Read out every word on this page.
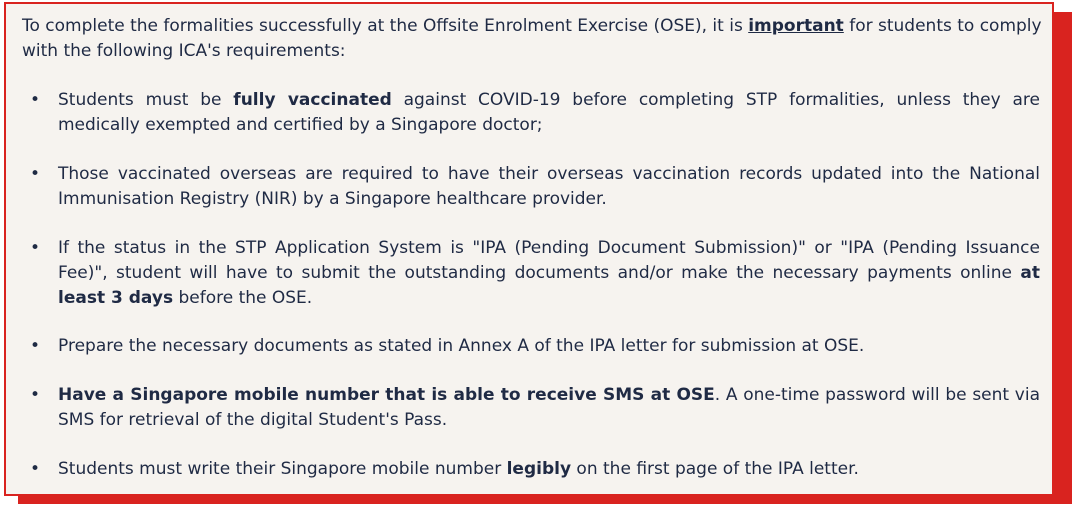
To complete the formalities successfully at the Offsite Enrolment Exercise (OSE), it is important for students to comply with the following ICA's requirements:

•	Students must be fully vaccinated against COVID-19 before completing STP formalities, unless they are medically exempted and certified by a Singapore doctor;
•	Those vaccinated overseas are required to have their overseas vaccination records updated into the National Immunisation Registry (NIR) by a Singapore healthcare provider.
•	If the status in the STP Application System is "IPA (Pending Document Submission)" or "IPA (Pending Issuance Fee)", student will have to submit the outstanding documents and/or make the necessary payments online at least 3 days before the OSE.
•	Prepare the necessary documents as stated in Annex A of the IPA letter for submission at OSE.
•	Have a Singapore mobile number that is able to receive SMS at OSE. A one-time password will be sent via SMS for retrieval of the digital Student's Pass.
•	Students must write their Singapore mobile number legibly on the first page of the IPA letter.
